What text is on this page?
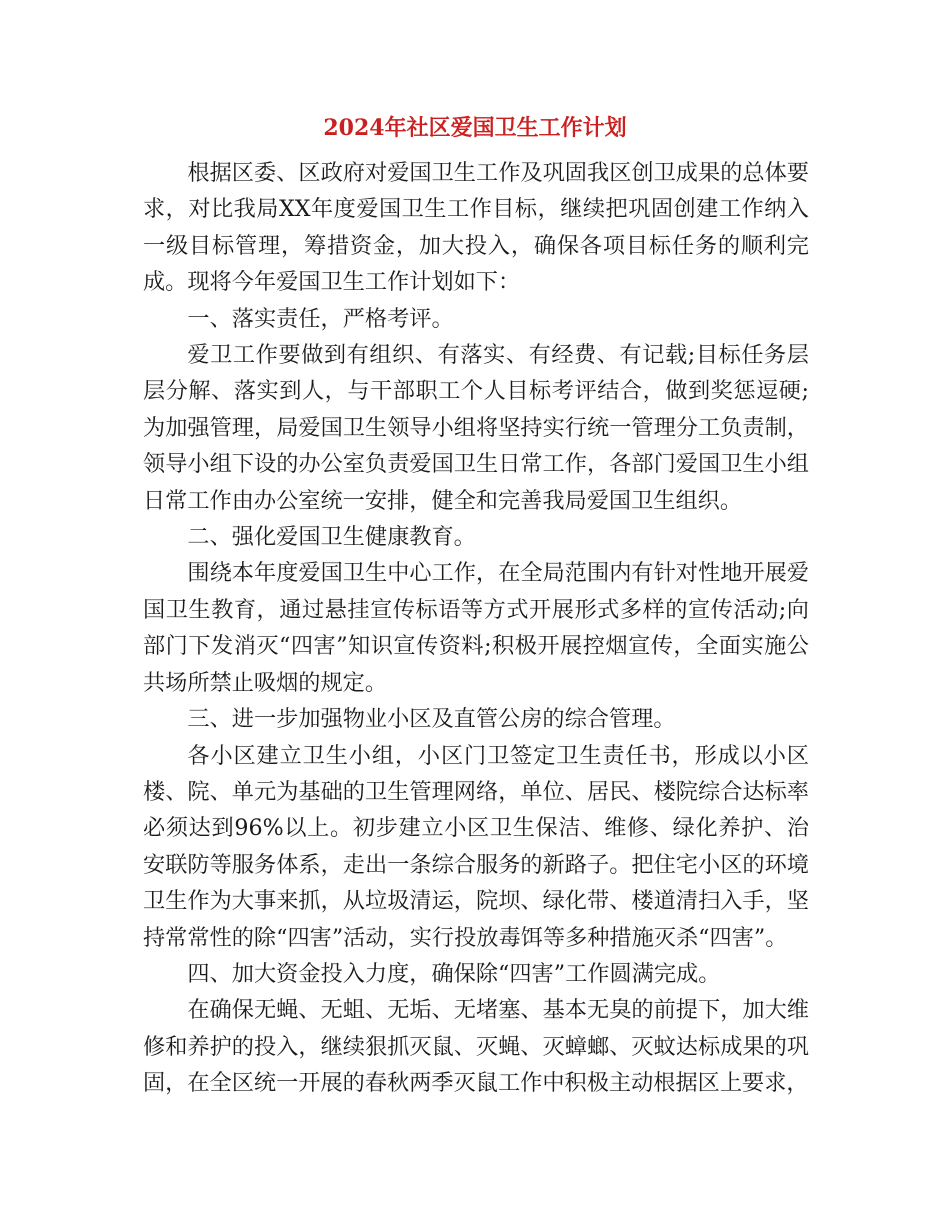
2024年社区爱国卫生工作计划

根据区委、区政府对爱国卫生工作及巩固我区创卫成果的总体要求，对比我局XX年度爱国卫生工作目标，继续把巩固创建工作纳入一级目标管理，筹措资金，加大投入，确保各项目标任务的顺利完成。现将今年爱国卫生工作计划如下：

一、落实责任，严格考评。

爱卫工作要做到有组织、有落实、有经费、有记载;目标任务层层分解、落实到人，与干部职工个人目标考评结合，做到奖惩逗硬;为加强管理，局爱国卫生领导小组将坚持实行统一管理分工负责制，领导小组下设的办公室负责爱国卫生日常工作，各部门爱国卫生小组日常工作由办公室统一安排，健全和完善我局爱国卫生组织。

二、强化爱国卫生健康教育。

围绕本年度爱国卫生中心工作，在全局范围内有针对性地开展爱国卫生教育，通过悬挂宣传标语等方式开展形式多样的宣传活动;向部门下发消灭“四害”知识宣传资料;积极开展控烟宣传，全面实施公共场所禁止吸烟的规定。

三、进一步加强物业小区及直管公房的综合管理。

各小区建立卫生小组，小区门卫签定卫生责任书，形成以小区楼、院、单元为基础的卫生管理网络，单位、居民、楼院综合达标率必须达到96%以上。初步建立小区卫生保洁、维修、绿化养护、治安联防等服务体系，走出一条综合服务的新路子。把住宅小区的环境卫生作为大事来抓，从垃圾清运，院坝、绿化带、楼道清扫入手，坚持常常性的除“四害”活动，实行投放毒饵等多种措施灭杀“四害”。

四、加大资金投入力度，确保除“四害”工作圆满完成。

在确保无蝇、无蛆、无垢、无堵塞、基本无臭的前提下，加大维修和养护的投入，继续狠抓灭鼠、灭蝇、灭蟑螂、灭蚊达标成果的巩固，在全区统一开展的春秋两季灭鼠工作中积极主动根据区上要求，
